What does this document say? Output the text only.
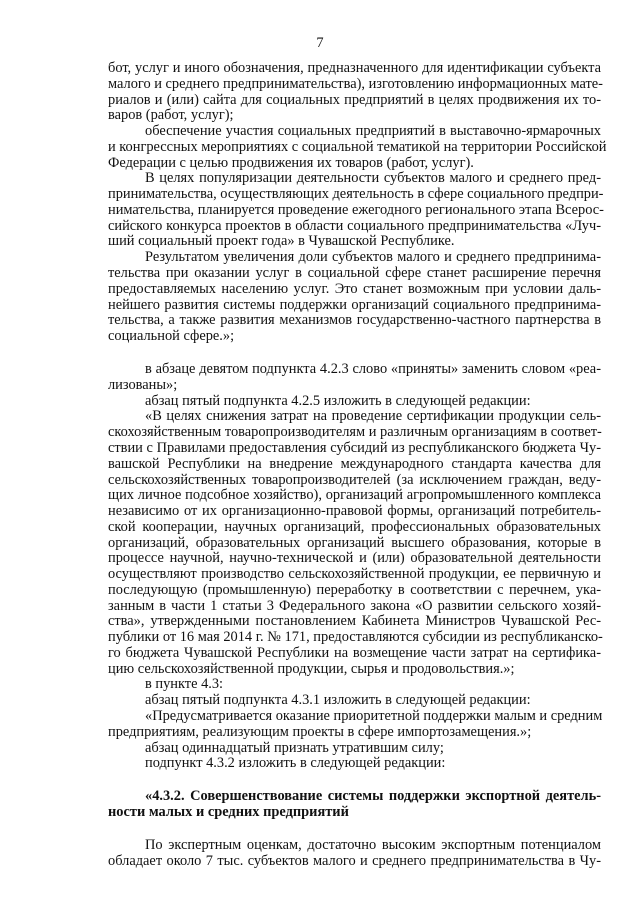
7
бот, услуг и иного обозначения, предназначенного для идентификации субъекта
малого и среднего предпринимательства), изготовлению информационных мате-
риалов и (или) сайта для социальных предприятий в целях продвижения их то-
варов (работ, услуг);
обеспечение участия социальных предприятий в выставочно-ярмарочных
и конгрессных мероприятиях с социальной тематикой на территории Российской
Федерации с целью продвижения их товаров (работ, услуг).
В целях популяризации деятельности субъектов малого и среднего пред-
принимательства, осуществляющих деятельность в сфере социального предпри-
нимательства, планируется проведение ежегодного регионального этапа Всерос-
сийского конкурса проектов в области социального предпринимательства «Луч-
ший социальный проект года» в Чувашской Республике.
Результатом увеличения доли субъектов малого и среднего предпринима-
тельства при оказании услуг в социальной сфере станет расширение перечня
предоставляемых населению услуг. Это станет возможным при условии даль-
нейшего развития системы поддержки организаций социального предпринима-
тельства, а также развития механизмов государственно-частного партнерства в
социальной сфере.»;
в абзаце девятом подпункта 4.2.3 слово «приняты» заменить словом «реа-
лизованы»;
абзац пятый подпункта 4.2.5 изложить в следующей редакции:
«В целях снижения затрат на проведение сертификации продукции сель-
скохозяйственным товаропроизводителям и различным организациям в соответ-
ствии с Правилами предоставления субсидий из республиканского бюджета Чу-
вашской Республики на внедрение международного стандарта качества для
сельскохозяйственных товаропроизводителей (за исключением граждан, веду-
щих личное подсобное хозяйство), организаций агропромышленного комплекса
независимо от их организационно-правовой формы, организаций потребитель-
ской кооперации, научных организаций, профессиональных образовательных
организаций, образовательных организаций высшего образования, которые в
процессе научной, научно-технической и (или) образовательной деятельности
осуществляют производство сельскохозяйственной продукции, ее первичную и
последующую (промышленную) переработку в соответствии с перечнем, ука-
занным в части 1 статьи 3 Федерального закона «О развитии сельского хозяй-
ства», утвержденными постановлением Кабинета Министров Чувашской Рес-
публики от 16 мая 2014 г. № 171, предоставляются субсидии из республиканско-
го бюджета Чувашской Республики на возмещение части затрат на сертифика-
цию сельскохозяйственной продукции, сырья и продовольствия.»;
в пункте 4.3:
абзац пятый подпункта 4.3.1 изложить в следующей редакции:
«Предусматривается оказание приоритетной поддержки малым и средним
предприятиям, реализующим проекты в сфере импортозамещения.»;
абзац одиннадцатый признать утратившим силу;
подпункт 4.3.2 изложить в следующей редакции:
«4.3.2. Совершенствование системы поддержки экспортной деятель-
ности малых и средних предприятий
По экспертным оценкам, достаточно высоким экспортным потенциалом
обладает около 7 тыс. субъектов малого и среднего предпринимательства в Чу-
